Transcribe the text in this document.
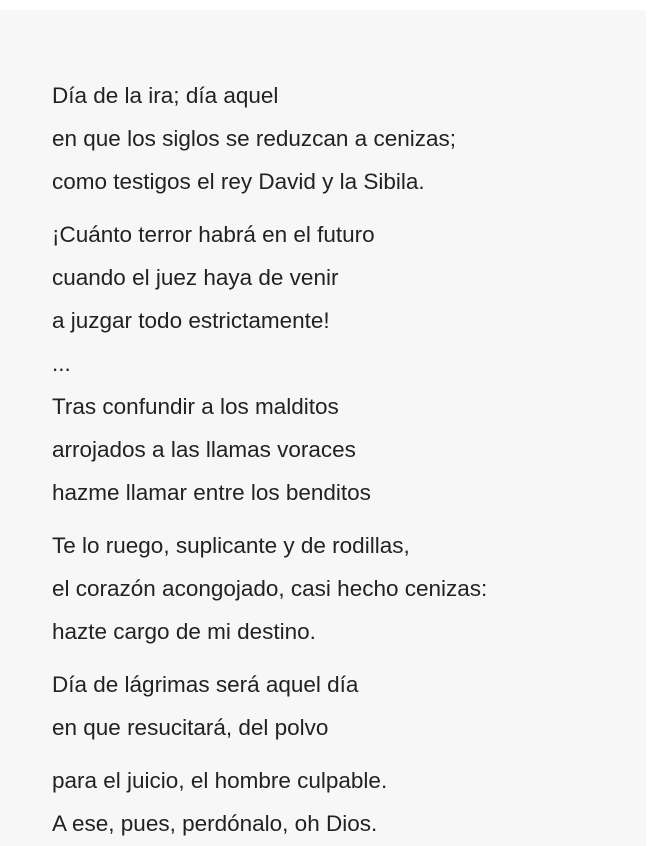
Día de la ira; día aquel
en que los siglos se reduzcan a cenizas;
como testigos el rey David y la Sibila.
¡Cuánto terror habrá en el futuro
cuando el juez haya de venir
a juzgar todo estrictamente!
...
Tras confundir a los malditos
arrojados a las llamas voraces
hazme llamar entre los benditos
Te lo ruego, suplicante y de rodillas,
el corazón acongojado, casi hecho cenizas:
hazte cargo de mi destino.
Día de lágrimas será aquel día
en que resucitará, del polvo
para el juicio, el hombre culpable.
A ese, pues, perdónalo, oh Dios.
